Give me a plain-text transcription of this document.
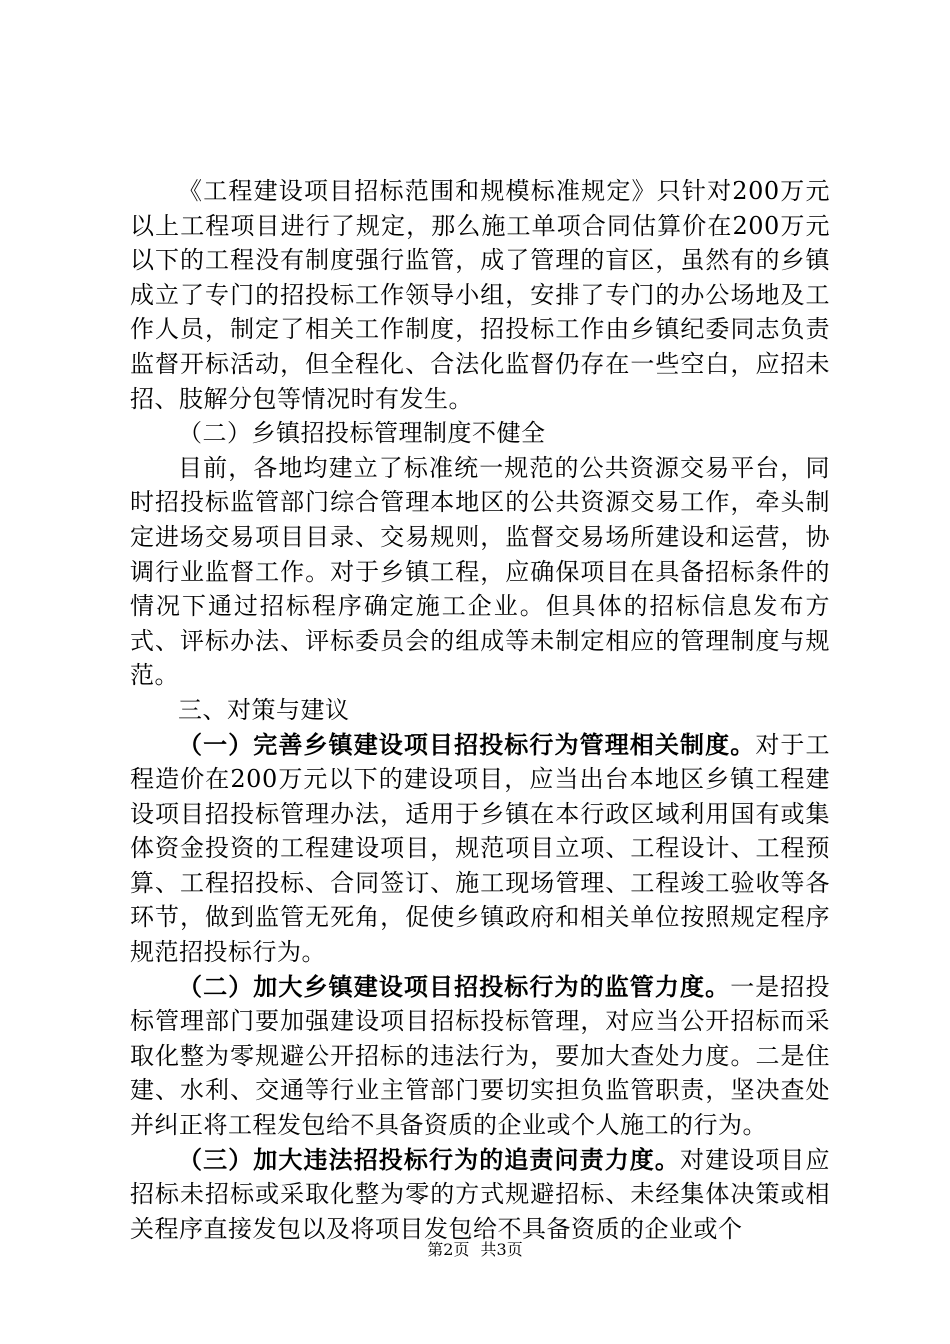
《工程建设项目招标范围和规模标准规定》只针对200万元以上工程项目进行了规定，那么施工单项合同估算价在200万元以下的工程没有制度强行监管，成了管理的盲区，虽然有的乡镇成立了专门的招投标工作领导小组，安排了专门的办公场地及工作人员，制定了相关工作制度，招投标工作由乡镇纪委同志负责监督开标活动，但全程化、合法化监督仍存在一些空白，应招未招、肢解分包等情况时有发生。

（二）乡镇招投标管理制度不健全

目前，各地均建立了标准统一规范的公共资源交易平台，同时招投标监管部门综合管理本地区的公共资源交易工作，牵头制定进场交易项目目录、交易规则，监督交易场所建设和运营，协调行业监督工作。对于乡镇工程，应确保项目在具备招标条件的情况下通过招标程序确定施工企业。但具体的招标信息发布方式、评标办法、评标委员会的组成等未制定相应的管理制度与规范。

三、对策与建议

（一）完善乡镇建设项目招投标行为管理相关制度。对于工程造价在200万元以下的建设项目，应当出台本地区乡镇工程建设项目招投标管理办法，适用于乡镇在本行政区域利用国有或集体资金投资的工程建设项目，规范项目立项、工程设计、工程预算、工程招投标、合同签订、施工现场管理、工程竣工验收等各环节，做到监管无死角，促使乡镇政府和相关单位按照规定程序规范招投标行为。

（二）加大乡镇建设项目招投标行为的监管力度。一是招投标管理部门要加强建设项目招标投标管理，对应当公开招标而采取化整为零规避公开招标的违法行为，要加大查处力度。二是住建、水利、交通等行业主管部门要切实担负监管职责，坚决查处并纠正将工程发包给不具备资质的企业或个人施工的行为。

（三）加大违法招投标行为的追责问责力度。对建设项目应招标未招标或采取化整为零的方式规避招标、未经集体决策或相关程序直接发包以及将项目发包给不具备资质的企业或个

第2页 共3页
